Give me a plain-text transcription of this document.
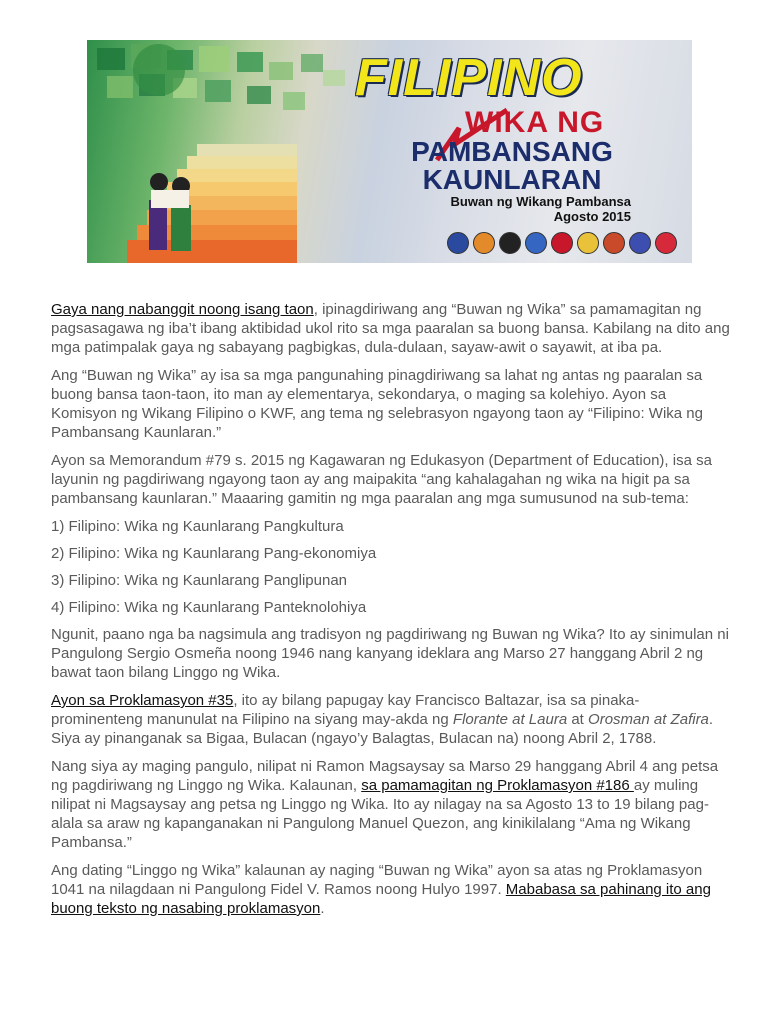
FILIPINO
WIKA NG
PAMBANSANG KAUNLARAN
Buwan ng Wikang Pambansa
Agosto 2015

Gaya nang nabanggit noong isang taon, ipinagdiriwang ang “Buwan ng Wika” sa pamamagitan ng pagsasagawa ng iba’t ibang aktibidad ukol rito sa mga paaralan sa buong bansa. Kabilang na dito ang mga patimpalak gaya ng sabayang pagbigkas, dula-dulaan, sayaw-awit o sayawit, at iba pa.

Ang “Buwan ng Wika” ay isa sa mga pangunahing pinagdiriwang sa lahat ng antas ng paaralan sa buong bansa taon-taon, ito man ay elementarya, sekondarya, o maging sa kolehiyo. Ayon sa Komisyon ng Wikang Filipino o KWF, ang tema ng selebrasyon ngayong taon ay “Filipino: Wika ng Pambansang Kaunlaran.”

Ayon sa Memorandum #79 s. 2015 ng Kagawaran ng Edukasyon (Department of Education), isa sa layunin ng pagdiriwang ngayong taon ay ang maipakita “ang kahalagahan ng wika na higit pa sa pambansang kaunlaran.” Maaaring gamitin ng mga paaralan ang mga sumusunod na sub-tema:

1) Filipino: Wika ng Kaunlarang Pangkultura

2) Filipino: Wika ng Kaunlarang Pang-ekonomiya

3) Filipino: Wika ng Kaunlarang Panglipunan

4) Filipino: Wika ng Kaunlarang Panteknolohiya

Ngunit, paano nga ba nagsimula ang tradisyon ng pagdiriwang ng Buwan ng Wika? Ito ay sinimulan ni Pangulong Sergio Osmeña noong 1946 nang kanyang ideklara ang Marso 27 hanggang Abril 2 ng bawat taon bilang Linggo ng Wika.

Ayon sa Proklamasyon #35, ito ay bilang papugay kay Francisco Baltazar, isa sa pinaka-prominenteng manunulat na Filipino na siyang may-akda ng Florante at Laura at Orosman at Zafira. Siya ay pinanganak sa Bigaa, Bulacan (ngayo’y Balagtas, Bulacan na) noong Abril 2, 1788.

Nang siya ay maging pangulo, nilipat ni Ramon Magsaysay sa Marso 29 hanggang Abril 4 ang petsa ng pagdiriwang ng Linggo ng Wika. Kalaunan, sa pamamagitan ng Proklamasyon #186 ay muling nilipat ni Magsaysay ang petsa ng Linggo ng Wika. Ito ay nilagay na sa Agosto 13 to 19 bilang pag-alala sa araw ng kapanganakan ni Pangulong Manuel Quezon, ang kinikilalang “Ama ng Wikang Pambansa.”

Ang dating “Linggo ng Wika” kalaunan ay naging “Buwan ng Wika” ayon sa atas ng Proklamasyon 1041 na nilagdaan ni Pangulong Fidel V. Ramos noong Hulyo 1997. Mababasa sa pahinang ito ang buong teksto ng nasabing proklamasyon.
